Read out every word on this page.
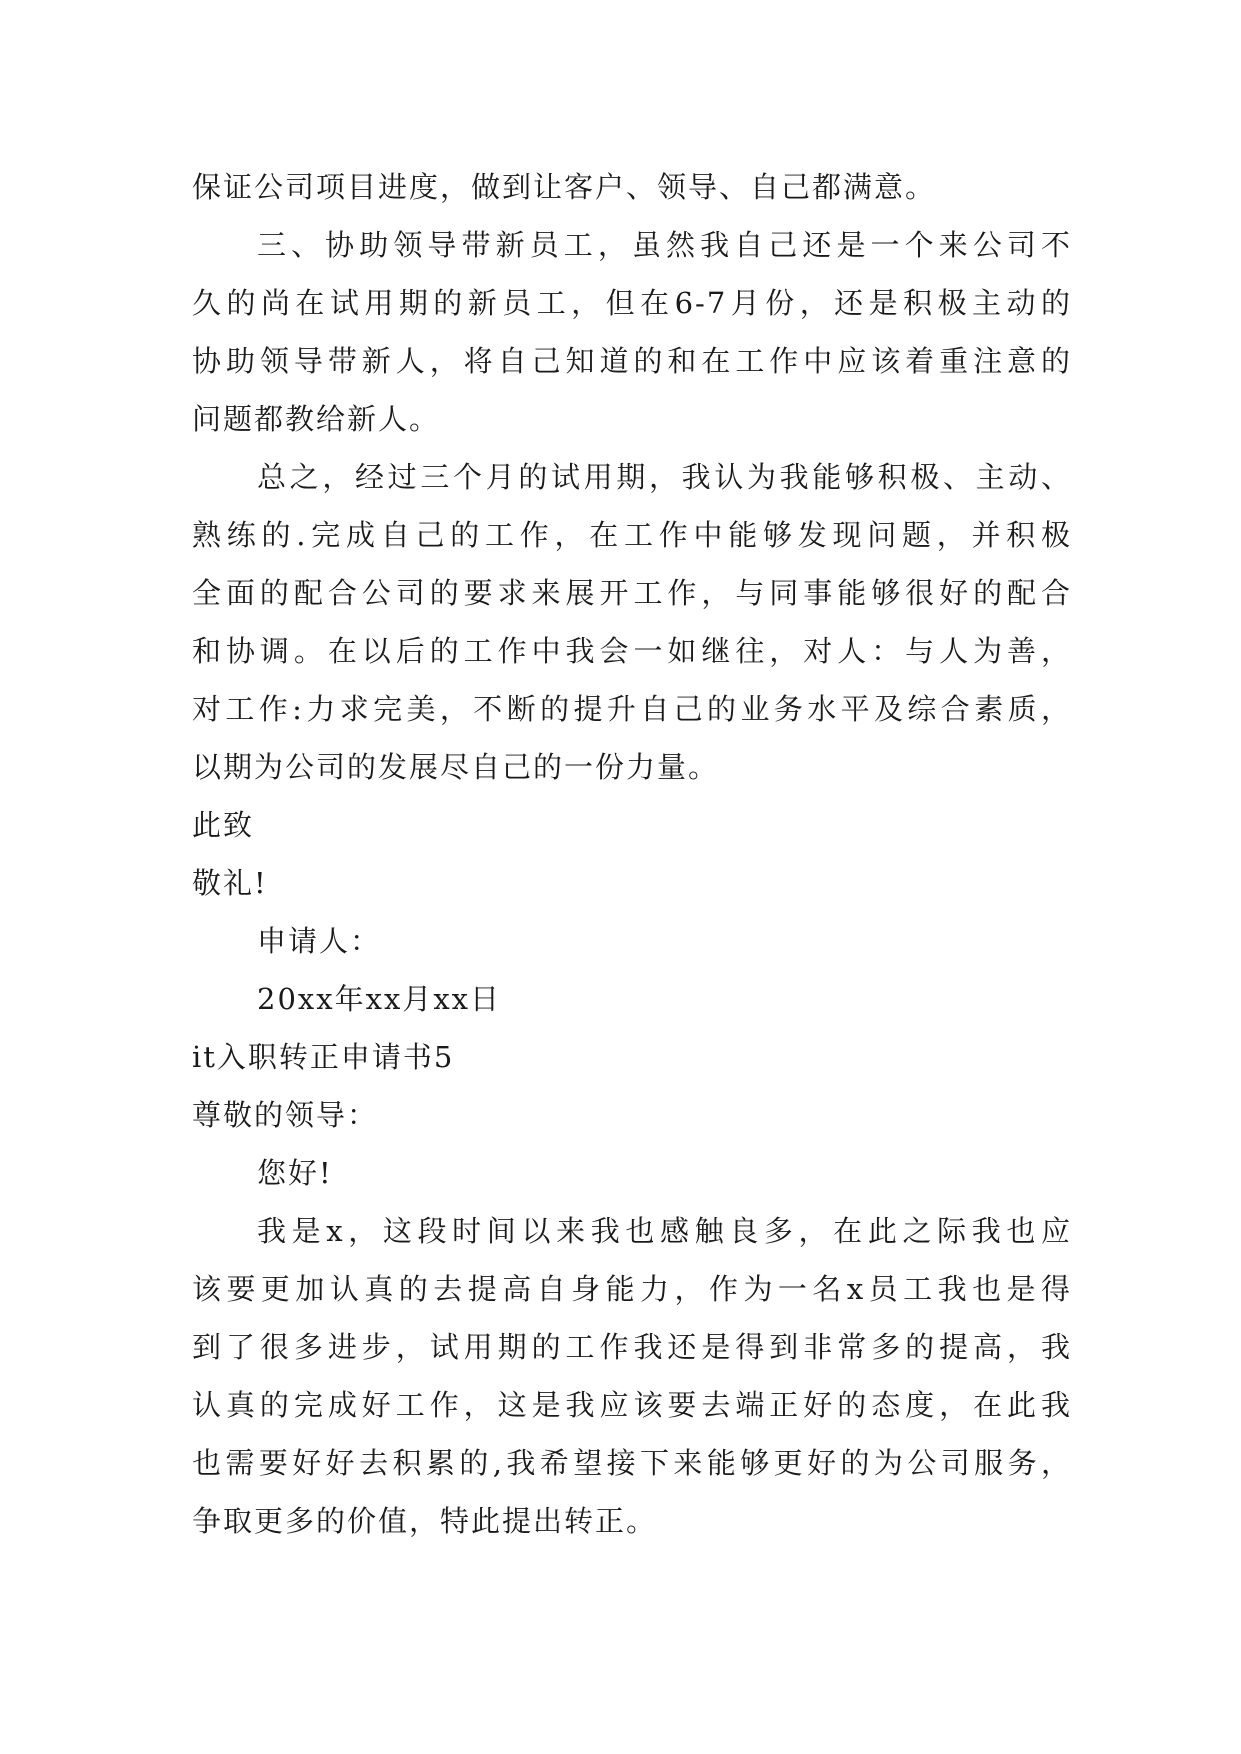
保证公司项目进度，做到让客户、领导、自己都满意。
三、协助领导带新员工，虽然我自己还是一个来公司不
久的尚在试用期的新员工，但在6-7月份，还是积极主动的
协助领导带新人，将自己知道的和在工作中应该着重注意的
问题都教给新人。
总之，经过三个月的试用期，我认为我能够积极、主动、
熟练的.完成自己的工作，在工作中能够发现问题，并积极
全面的配合公司的要求来展开工作，与同事能够很好的配合
和协调。在以后的工作中我会一如继往，对人：与人为善，
对工作:力求完美，不断的提升自己的业务水平及综合素质，
以期为公司的发展尽自己的一份力量。
此致
敬礼!
申请人：
20xx年xx月xx日
it入职转正申请书5
尊敬的领导：
您好!
我是x，这段时间以来我也感触良多，在此之际我也应
该要更加认真的去提高自身能力，作为一名x员工我也是得
到了很多进步，试用期的工作我还是得到非常多的提高，我
认真的完成好工作，这是我应该要去端正好的态度，在此我
也需要好好去积累的,我希望接下来能够更好的为公司服务，
争取更多的价值，特此提出转正。
